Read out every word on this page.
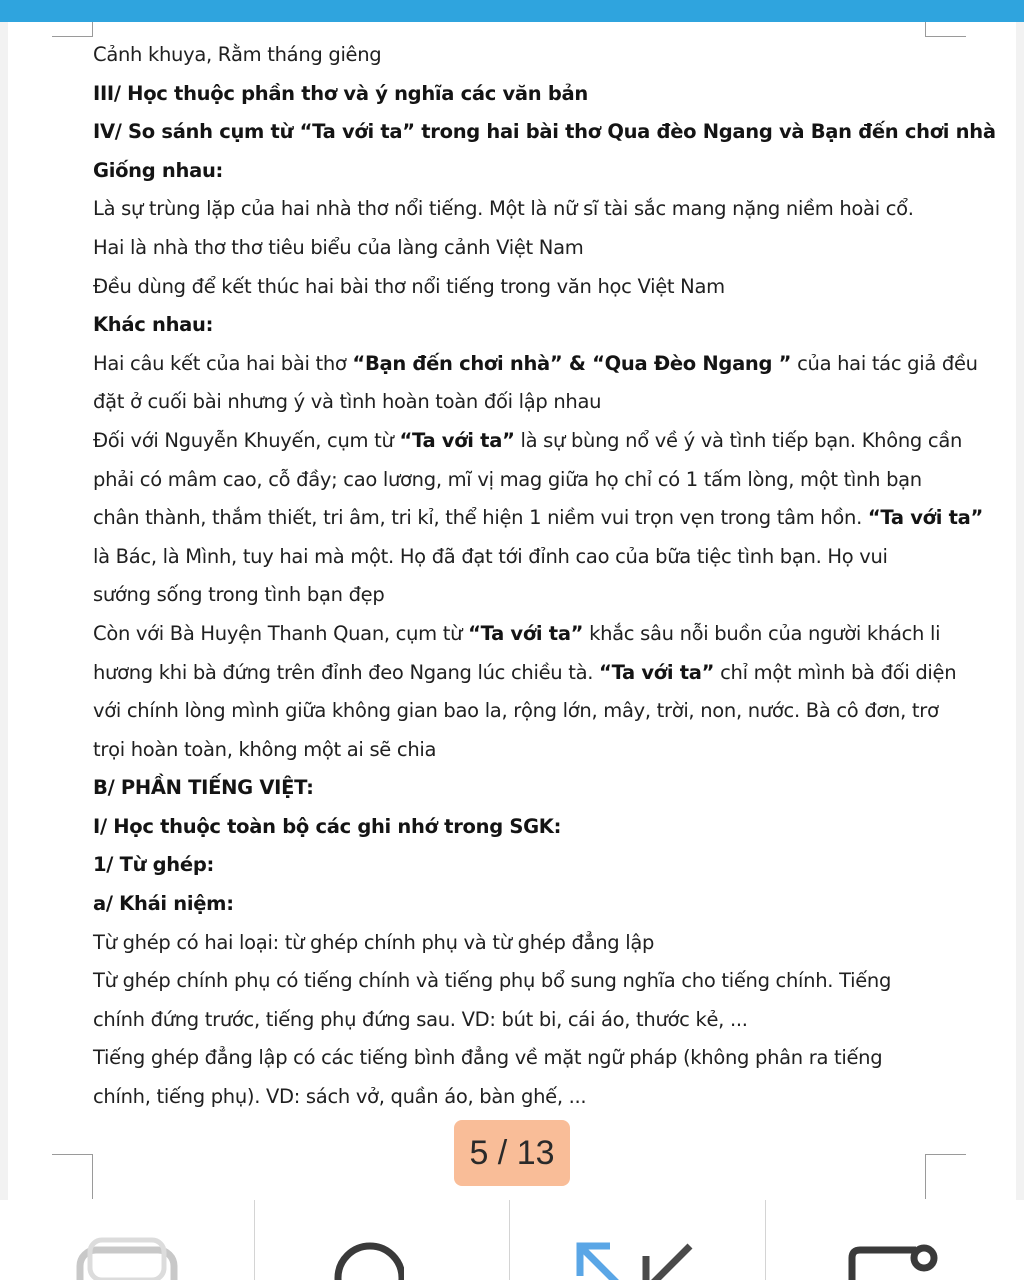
Cảnh khuya, Rằm tháng giêng
III/ Học thuộc phần thơ và ý nghĩa các văn bản
IV/ So sánh cụm từ “Ta với ta” trong hai bài thơ Qua đèo Ngang và Bạn đến chơi nhà
Giống nhau:
Là sự trùng lặp của hai nhà thơ nổi tiếng. Một là nữ sĩ tài sắc mang nặng niềm hoài cổ.
Hai là nhà thơ thơ tiêu biểu của làng cảnh Việt Nam
Đều dùng để kết thúc hai bài thơ nổi tiếng trong văn học Việt Nam
Khác nhau:
Hai câu kết của hai bài thơ “Bạn đến chơi nhà” & “Qua Đèo Ngang ” của hai tác giả đều
đặt ở cuối bài nhưng ý và tình hoàn toàn đối lập nhau
Đối với Nguyễn Khuyến, cụm từ “Ta với ta” là sự bùng nổ về ý và tình tiếp bạn. Không cần
phải có mâm cao, cỗ đầy; cao lương, mĩ vị mag giữa họ chỉ có 1 tấm lòng, một tình bạn
chân thành, thắm thiết, tri âm, tri kỉ, thể hiện 1 niềm vui trọn vẹn trong tâm hồn. “Ta với ta”
là Bác, là Mình, tuy hai mà một. Họ đã đạt tới đỉnh cao của bữa tiệc tình bạn. Họ vui
sướng sống trong tình bạn đẹp
Còn với Bà Huyện Thanh Quan, cụm từ “Ta với ta” khắc sâu nỗi buồn của người khách li
hương khi bà đứng trên đỉnh đeo Ngang lúc chiều tà. “Ta với ta” chỉ một mình bà đối diện
với chính lòng mình giữa không gian bao la, rộng lớn, mây, trời, non, nước. Bà cô đơn, trơ
trọi hoàn toàn, không một ai sẽ chia
B/ PHẦN TIẾNG VIỆT:
I/ Học thuộc toàn bộ các ghi nhớ trong SGK:
1/ Từ ghép:
a/ Khái niệm:
Từ ghép có hai loại: từ ghép chính phụ và từ ghép đẳng lập
Từ ghép chính phụ có tiếng chính và tiếng phụ bổ sung nghĩa cho tiếng chính. Tiếng
chính đứng trước, tiếng phụ đứng sau. VD: bút bi, cái áo, thước kẻ, ...
Tiếng ghép đẳng lập có các tiếng bình đẳng về mặt ngữ pháp (không phân ra tiếng
chính, tiếng phụ). VD: sách vở, quần áo, bàn ghế, ...
5 / 13
